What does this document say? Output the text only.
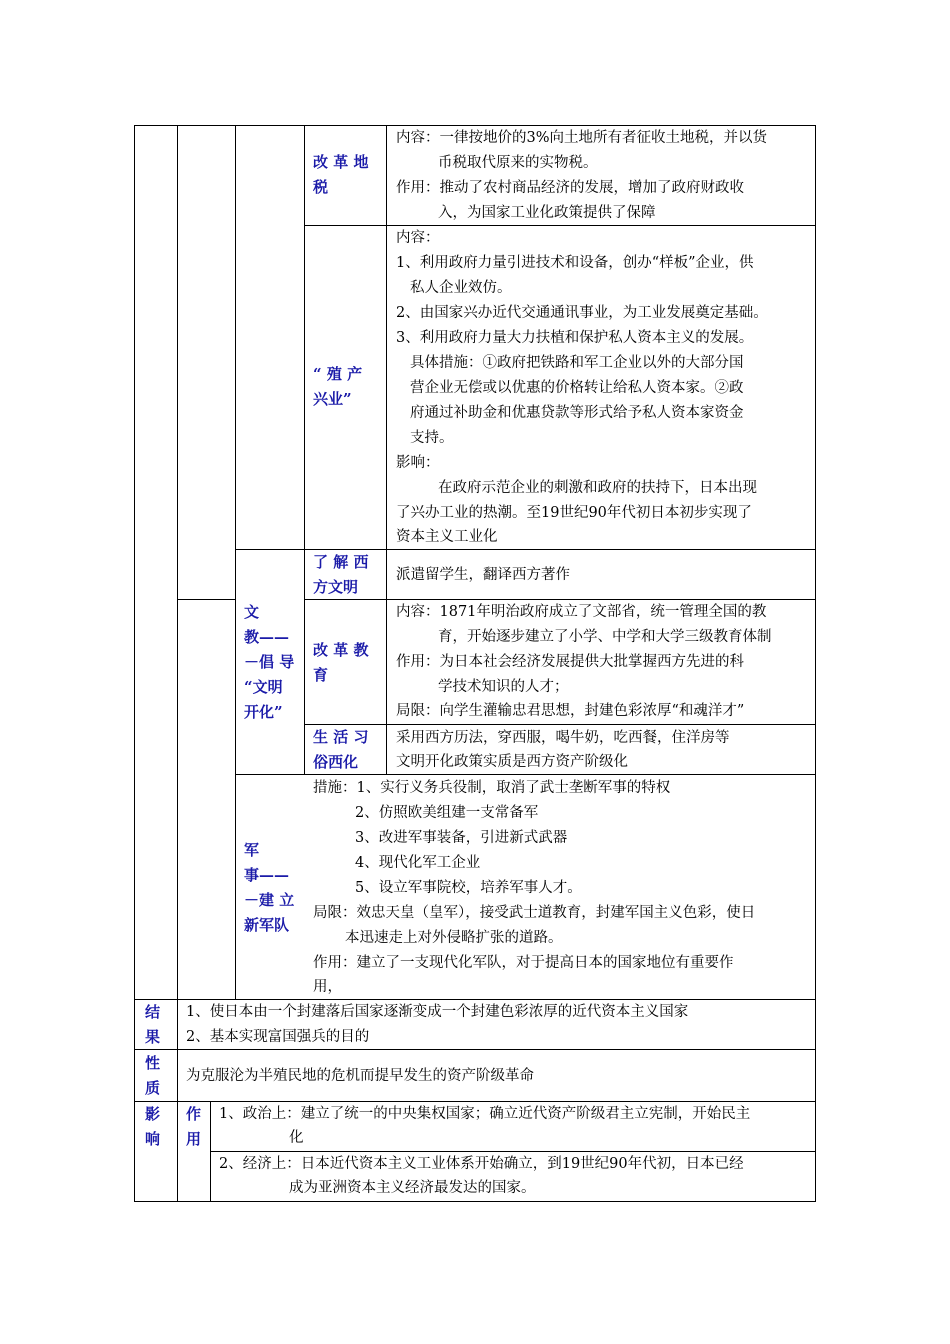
改 革 地
税
“ 殖 产
兴业”
文
教——
－倡 导
“文明
开化”
了 解 西
方文明
改 革 教
育
生 活 习
俗西化
军
事——
－建 立
新军队
结
果
性
质
影
响
作
用
内容：一律按地价的3%向土地所有者征收土地税，并以货
币税取代原来的实物税。
作用：推动了农村商品经济的发展，增加了政府财政收
入，为国家工业化政策提供了保障
内容：
1、利用政府力量引进技术和设备，创办“样板”企业，供
私人企业效仿。
2、由国家兴办近代交通通讯事业，为工业发展奠定基础。
3、利用政府力量大力扶植和保护私人资本主义的发展。
具体措施：①政府把铁路和军工企业以外的大部分国
营企业无偿或以优惠的价格转让给私人资本家。②政
府通过补助金和优惠贷款等形式给予私人资本家资金
支持。
影响：
在政府示范企业的刺激和政府的扶持下，日本出现
了兴办工业的热潮。至19世纪90年代初日本初步实现了
资本主义工业化
派遣留学生，翻译西方著作
内容：1871年明治政府成立了文部省，统一管理全国的教
育，开始逐步建立了小学、中学和大学三级教育体制
作用：为日本社会经济发展提供大批掌握西方先进的科
学技术知识的人才；
局限：向学生灌输忠君思想，封建色彩浓厚“和魂洋才”
采用西方历法，穿西服，喝牛奶，吃西餐，住洋房等
文明开化政策实质是西方资产阶级化
措施：1、实行义务兵役制，取消了武士垄断军事的特权
2、仿照欧美组建一支常备军
3、改进军事装备，引进新式武器
4、现代化军工企业
5、设立军事院校，培养军事人才。
局限：效忠天皇（皇军），接受武士道教育，封建军国主义色彩，使日
本迅速走上对外侵略扩张的道路。
作用：建立了一支现代化军队，对于提高日本的国家地位有重要作
用，
1、使日本由一个封建落后国家逐渐变成一个封建色彩浓厚的近代资本主义国家
2、基本实现富国强兵的目的
为克服沦为半殖民地的危机而提早发生的资产阶级革命
1、政治上：建立了统一的中央集权国家；确立近代资产阶级君主立宪制，开始民主
化
2、经济上：日本近代资本主义工业体系开始确立，到19世纪90年代初，日本已经
成为亚洲资本主义经济最发达的国家。
